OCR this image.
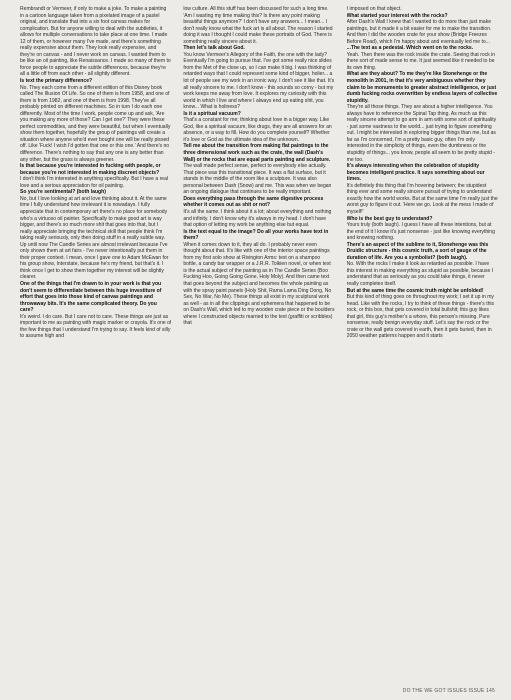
Rembrandt or Vermeer, if only to make a joke. To make a painting in a cartoon language taken from a pixelated image of a pastel original, and translate that into a six foot canvas makes for complication. But for anyone willing to deal with the subtleties, it allows for multiple conversations to take place at one time. I made 12 of them, or however many I've made, and there's something really expensive about them. They look really expensive, and they're on canvas - and I never work on canvas. I wanted them to be like an oil painting, like Renaissance. I made so many of them to force people to appreciate the subtle differences, because they're all a little off from each other - all slightly different.

Is text the primary difference?

No. They each come from a different edition of this Disney book called The Illusion Of Life. So one of them is from 1958, and one of them is from 1982, and one of them is from 1998. They've all probably printed on different machines. So in turn I do each one differently. Most of the time I work, people come up and ask, 'Are you making any more of those? Can I get one?' They were these perfect commodities, and they were beautiful, but when I eventually show them together, hopefully the group of paintings will create a situation where anyone who'd ever bought one will be really pissed off. Like 'Fuck! I wish I'd gotten that one or this one.' And there's no difference. There's nothing to say that any one is any better than any other, but the grass is always greener.

Is that because you're interested in fucking with people, or because you're not interested in making discreet objects?

I don't think I'm interested in anything specifically. But I have a real love and a serious appreciation for oil painting.

So you're sentimental? (both laugh)

No, but I love looking at art and love thinking about it. At the same time I fully understand how irrelevant it is nowadays. I fully appreciate that in contemporary art there's no place for somebody who's a virtuoso oil painter. Specifically to make good art is way bigger, and there's so much more shit that goes into that, but I really appreciate bringing the technical skill that people think I'm taking really seriously, only then doing stuff in a really subtle way. Up until now The Candle Series are almost irrelevant because I've only shown them at art fairs - I've never intentionally put them in their proper context. I mean, once I gave one to Adam McEwan for his group show, Interstate, because he's my friend, but that's it. I think once I get to show them together my interest will be slightly clearer.

One of the things that I'm drawn to in your work is that you don't seem to differentiate between this huge investiture of effort that goes into those kind of canvas paintings and throwaway bits. It's the same complicated theory. Do you care?

It's weird. I do care. But I care not to care. These things are just as important to me as painting with magic marker or crayola. It's one of the few things that I understand I'm trying to say. It feels kind of silly to assume high and

low culture. All this stuff has been discussed for such a long time. 'Am I wasting my time making this? Is there any point making beautiful things anymore?' I don't have any answers... I mean... I don't really know what the fuck art is all about. The reason I started doing it was I thought I could make these portraits of God. There is something really sincere about it.

Then let's talk about God.

You know Vermeer's Allegory of the Faith, the one with the lady? Eventually I'm going to pursue that. I've got some really nice slides from the Met of the close up, so I can make it big. I was thinking of retarded ways that I could represent some kind of bigger, holier... a lot of people see my work in an ironic way. I don't see it like that. It's all really sincere to me. I don't know - this sounds so corny - but my work keeps me away from love. It explores my curiosity with this world in which I live and where I always end up eating shit, you know... What is holiness?

Is it a spiritual vacuum?

That's a constant for me; thinking about love in a bigger way. Like God, like a spiritual vacuum, like drugs, they are all answers for an absence, or a way to fill. How do you complete yourself? Whether it's love or God as the ultimate idea of the unknown.

Tell me about the transition from making flat paintings to the three dimensional work such as the crate, the wall (Dash's Wall) or the rocks that are equal parts painting and sculpture.

The wall made perfect sense, perfect to everybody else actually. That piece was this transitional piece. It was a flat surface, but it stands in the middle of the room like a sculpture. It was also personal between Dash (Snow) and me. This was when we began an ongoing dialogue that continues to be really important.

Does everything pass through the same digestive process whether it comes out as shit or not?

It's all the same. I think about it a lot; about everything and nothing and infinity. I don't know why it's always in my head. I don't have that option of letting my work be anything else but equal.

Is the text equal to the image? Do all your works have text in them?

When it comes down to it, they all do. I probably never even thought about that. It's like with one of the interior space paintings from my first solo show at Rivington Arms: text on a shampoo bottle, a candy bar wrapper or a J.R.R. Tolkien novel, or when text is the actual subject of the painting as in The Candle Series (Boo Fucking Hoo, Going Going Gone, Holy Moly). And then came text that goes beyond the subject and becomes the whole painting as with the spray paint panels (Holy Shit, Rama Lama Ding Dong, No Sex, No War, No Me). These things all exist in my sculptural work as well - as in all the clippings and ephemera that happened to be on Dash's Wall, which led to my wooden crate piece or the boulders where I constructed objects married to the text (graffiti or scribbles) that

I imposed on that object.

What started your interest with the rocks?

After Dash's Wall I knew that I wanted to do more than just make paintings, but it made it a bit easier for me to make the transition. And then I did the wooden crate for your show (Bridge Freezes Before Road), which I'm happy about and eventually led me to...

...The text as a pedestal. Which went on to the rocks.

Yeah. Then there was the rock inside the crate. Seeing that rock in there sort of made sense to me. It just seemed like it needed to be its own thing.

What are they about? To me they're like Stonehenge or the monolith in 2001, in that it's very ambiguous whether they claim to be monuments to greater abstract intelligence, or just dumb fucking rocks overwritten by endless layers of collective stupidity.

They're all those things. They are about a higher intelligence. You always have to reference the Spinal Tap thing. As much as this really sincere attempt to go arm in arm with some sort of spirituality - just some vastness to the world... just trying to figure something out. I might be interested in exploring bigger things than me, but as far as I'm concerned, I'm a pretty basic guy, often I'm only interested in the simplicity of things, even the dumbness or the stupidity of things... you know, people all seem to be pretty stupid - me too.

It's always interesting when the celebration of stupidity becomes intelligent practice. It says something about our times.

It's definitely this thing that I'm hovering between; the stupidest thing ever and some really sincere pursuit of trying to understand exactly how the world works. But at the same time I'm really just the worst guy to figure it out. 'Here we go. Look at the mess I made of myself!'

Who is the best guy to understand?

Yours truly (both laugh). I guess I have all these intentions, but at the end of it I know it's just nonsense - just like knowing everything and knowing nothing.

There's an aspect of the sublime to it, Stonehenge was this Druidic structure - this cosmic truth, a sort of gauge of the duration of life. Are you a symbolist? (both laugh).

No. With the rocks I make it look as retarded as possible. I have this interest in making everything as stupid as possible, because I understand that as seriously as you could take things, it never really completes itself.

But at the same time the cosmic truth might be unfolded!

But this kind of thing goes on throughout my work; I set it up in my head. Like with the rocks, I try to think of these things - there's this rock, or this box, that gets covered in total bullshit; this guy likes that girl, this guy's mother's a whore, this person's missing. Pure nonsense, really benign everyday stuff. Let's say the rock or the crate or the wall gets covered in earth, then it gets buried, then in 2050 weather patterns happen and it starts

DO THE WE GOT ISSUES ISSUE 145
